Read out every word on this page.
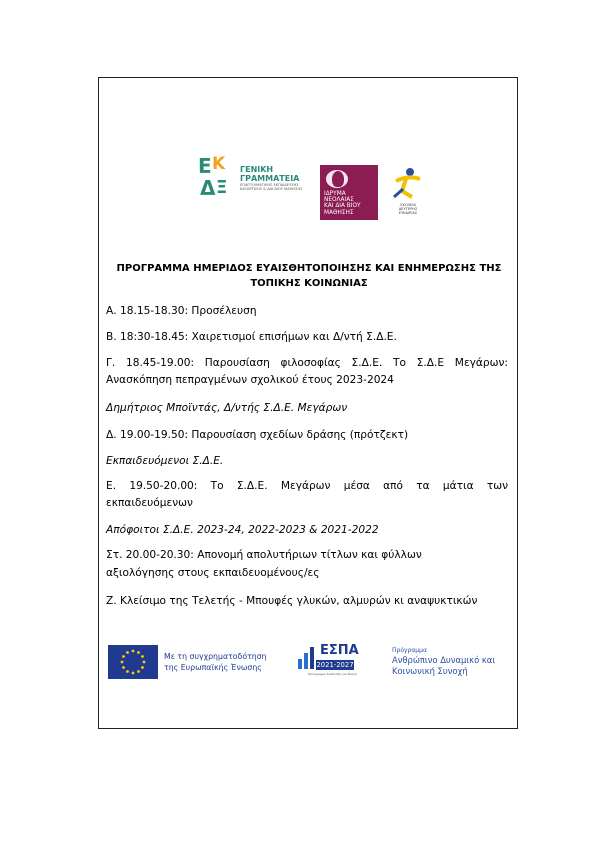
Ε Κ
Δ Ξ
ΓΕΝΙΚΗ
ΓΡΑΜΜΑΤΕΙΑ
ΕΠΑΓΓΕΛΜΑΤΙΚΗΣ ΕΚΠΑΙΔΕΥΣΗΣ
ΚΑΤΑΡΤΙΣΗΣ & ΔΙΑ ΒΙΟΥ ΜΑΘΗΣΗΣ
ΙΔΡΥΜΑ
ΝΕΟΛΑΙΑΣ
ΚΑΙ ΔΙΑ ΒΙΟΥ
ΜΑΘΗΣΗΣ
ΣΧΟΛΕΙΑ
ΔΕΥΤΕΡΗΣ
ΕΥΚΑΙΡΙΑΣ
ΠΡΟΓΡΑΜΜΑ ΗΜΕΡΙΔΟΣ ΕΥΑΙΣΘΗΤΟΠΟΙΗΣΗΣ ΚΑΙ ΕΝΗΜΕΡΩΣΗΣ ΤΗΣ
ΤΟΠΙΚΗΣ ΚΟΙΝΩΝΙΑΣ
Α. 18.15-18.30: Προσέλευση
Β. 18:30-18.45: Χαιρετισμοί επισήμων και Δ/ντή Σ.Δ.Ε.
Γ. 18.45-19.00: Παρουσίαση φιλοσοφίας Σ.Δ.Ε. Το Σ.Δ.Ε Μεγάρων:
Ανασκόπηση πεπραγμένων σχολικού έτους 2023-2024
Δημήτριος Μποϊντάς, Δ/ντής Σ.Δ.Ε. Μεγάρων
Δ. 19.00-19.50: Παρουσίαση σχεδίων δράσης (πρότζεκτ)
Εκπαιδευόμενοι Σ.Δ.Ε.
Ε. 19.50-20.00: Το Σ.Δ.Ε. Μεγάρων μέσα από τα μάτια των
εκπαιδευόμενων
Απόφοιτοι Σ.Δ.Ε. 2023-24, 2022-2023 & 2021-2022
Στ. 20.00-20.30: Απονομή απολυτήριων τίτλων και φύλλων
αξιολόγησης στους εκπαιδευομένους/ες
Ζ. Κλείσιμο της Τελετής - Μπουφές γλυκών, αλμυρών κι αναψυκτικών
Με τη συγχρηματοδότηση
της Ευρωπαϊκής Ένωσης
ΕΣΠΑ
2021-2027
Πρόγραμμα Ανάπτυξη για Όλους
Πρόγραμμα
Ανθρώπινο Δυναμικό και
Κοινωνική Συνοχή
